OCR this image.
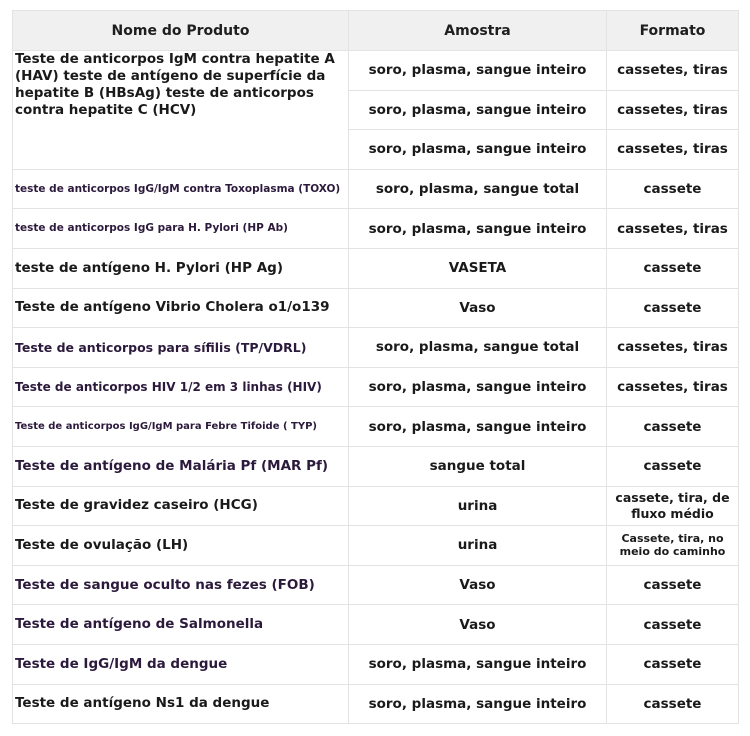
Nome do Produto	Amostra	Formato
Teste de anticorpos IgM contra hepatite A (HAV) teste de antígeno de superfície da hepatite B (HBsAg) teste de anticorpos contra hepatite C (HCV)	soro, plasma, sangue inteiro	cassetes, tiras
	soro, plasma, sangue inteiro	cassetes, tiras
	soro, plasma, sangue inteiro	cassetes, tiras
teste de anticorpos IgG/IgM contra Toxoplasma (TOXO)	soro, plasma, sangue total	cassete
teste de anticorpos IgG para H. Pylori (HP Ab)	soro, plasma, sangue inteiro	cassetes, tiras
teste de antígeno H. Pylori (HP Ag)	VASETA	cassete
Teste de antígeno Vibrio Cholera o1/o139	Vaso	cassete
Teste de anticorpos para sífilis (TP/VDRL)	soro, plasma, sangue total	cassetes, tiras
Teste de anticorpos HIV 1/2 em 3 linhas (HIV)	soro, plasma, sangue inteiro	cassetes, tiras
Teste de anticorpos IgG/IgM para Febre Tifoide ( TYP)	soro, plasma, sangue inteiro	cassete
Teste de antígeno de Malária Pf (MAR Pf)	sangue total	cassete
Teste de gravidez caseiro (HCG)	urina	cassete, tira, de fluxo médio
Teste de ovulação (LH)	urina	Cassete, tira, no meio do caminho
Teste de sangue oculto nas fezes (FOB)	Vaso	cassete
Teste de antígeno de Salmonella	Vaso	cassete
Teste de IgG/IgM da dengue	soro, plasma, sangue inteiro	cassete
Teste de antígeno Ns1 da dengue	soro, plasma, sangue inteiro	cassete
